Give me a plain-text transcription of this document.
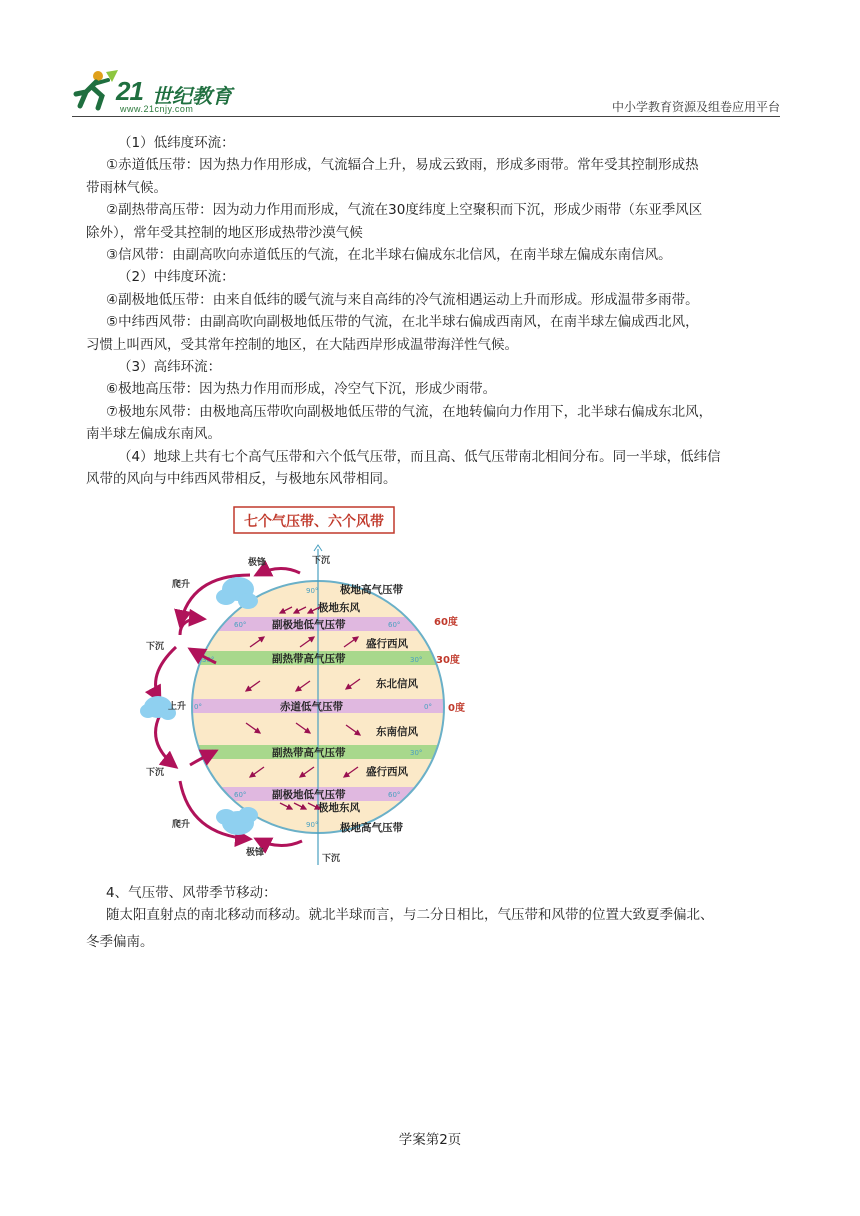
21 世纪教育
www.21cnjy.com	中小学教育资源及组卷应用平台

（1）低纬度环流：

①赤道低压带：因为热力作用形成，气流辐合上升，易成云致雨，形成多雨带。常年受其控制形成热

带雨林气候。

②副热带高压带：因为动力作用而形成，气流在30度纬度上空聚积而下沉，形成少雨带（东亚季风区

除外），常年受其控制的地区形成热带沙漠气候

③信风带：由副高吹向赤道低压的气流，在北半球右偏成东北信风，在南半球左偏成东南信风。

（2）中纬度环流：

④副极地低压带：由来自低纬的暖气流与来自高纬的冷气流相遇运动上升而形成。形成温带多雨带。

⑤中纬西风带：由副高吹向副极地低压带的气流，在北半球右偏成西南风，在南半球左偏成西北风，

习惯上叫西风，受其常年控制的地区，在大陆西岸形成温带海洋性气候。

（3）高纬环流：

⑥极地高压带：因为热力作用而形成，冷空气下沉，形成少雨带。

⑦极地东风带：由极地高压带吹向副极地低压带的气流，在地转偏向力作用下，北半球右偏成东北风，

南半球左偏成东南风。

（4）地球上共有七个高气压带和六个低气压带，而且高、低气压带南北相间分布。同一半球，低纬信

风带的风向与中纬西风带相反，与极地东风带相同。

七个气压带、六个风带
极地高气压带
极地东风
副极地低气压带
盛行西风
副热带高气压带
东北信风
赤道低气压带
东南信风
副热带高气压带
盛行西风
副极地低气压带
极地东风
极地高气压带
60度
30度
0度
90°
60°	60°
30°	30°
0°	0°
30°	30°
60°	60°
90°
爬升
极锋
下沉
上升
下沉
爬升
极锋
下沉
下沉

4、气压带、风带季节移动：

随太阳直射点的南北移动而移动。就北半球而言，与二分日相比，气压带和风带的位置大致夏季偏北、

冬季偏南。

学案第2页
